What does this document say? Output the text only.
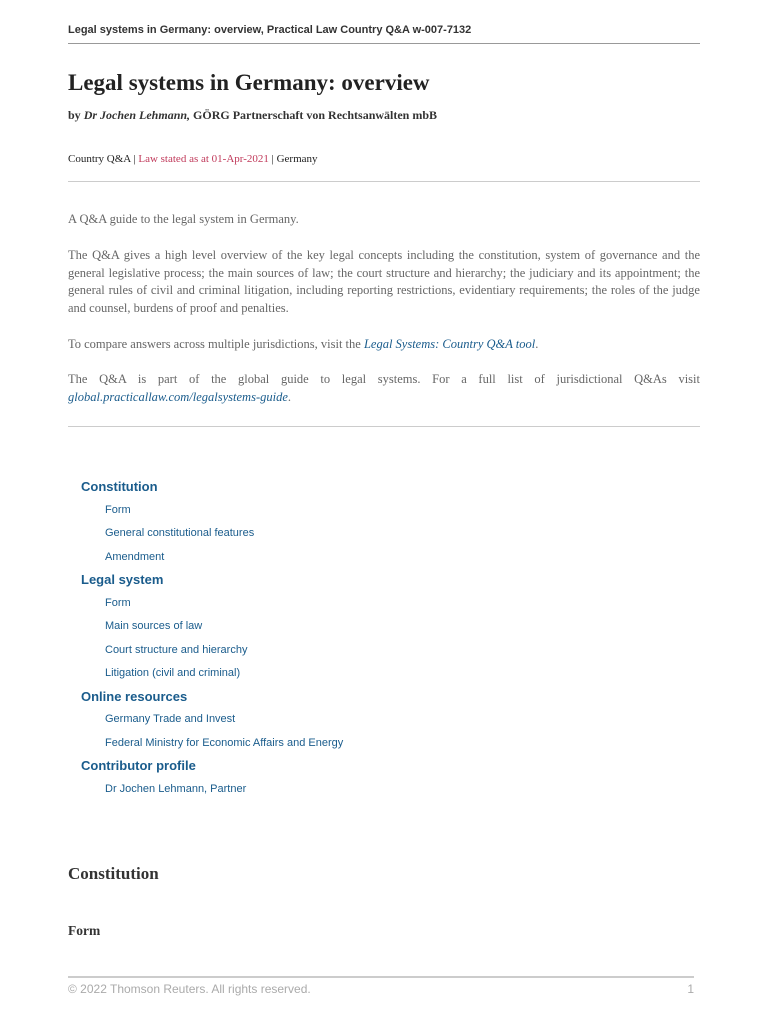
Legal systems in Germany: overview, Practical Law Country Q&A w-007-7132
Legal systems in Germany: overview
by Dr Jochen Lehmann, GÖRG Partnerschaft von Rechtsanwälten mbB
Country Q&A | Law stated as at 01-Apr-2021 | Germany

A Q&A guide to the legal system in Germany.

The Q&A gives a high level overview of the key legal concepts including the constitution, system of governance and the general legislative process; the main sources of law; the court structure and hierarchy; the judiciary and its appointment; the general rules of civil and criminal litigation, including reporting restrictions, evidentiary requirements; the roles of the judge and counsel, burdens of proof and penalties.

To compare answers across multiple jurisdictions, visit the Legal Systems: Country Q&A tool.

The Q&A is part of the global guide to legal systems. For a full list of jurisdictional Q&As visit global.practicallaw.com/legalsystems-guide.

Constitution
Form
General constitutional features
Amendment
Legal system
Form
Main sources of law
Court structure and hierarchy
Litigation (civil and criminal)
Online resources
Germany Trade and Invest
Federal Ministry for Economic Affairs and Energy
Contributor profile
Dr Jochen Lehmann, Partner
Constitution
Form
© 2022 Thomson Reuters. All rights reserved.	1
